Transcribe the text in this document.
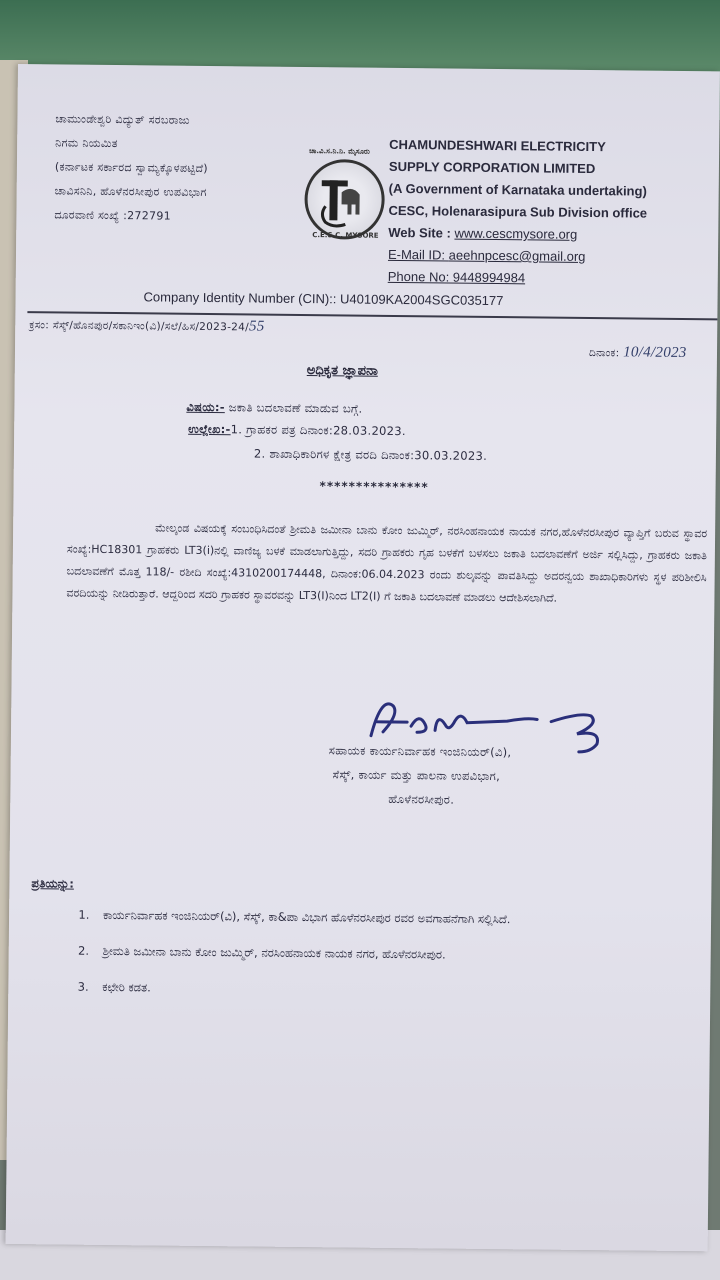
ಚಾಮುಂಡೇಶ್ವರಿ ವಿದ್ಯುತ್ ಸರಬರಾಜು
ನಿಗಮ ನಿಯಮಿತ
(ಕರ್ನಾಟಕ ಸರ್ಕಾರದ ಸ್ವಾಮ್ಯಕ್ಕೊಳಪಟ್ಟಿದೆ)
ಚಾವಿಸನಿನಿ, ಹೊಳೆನರಸೀಪುರ ಉಪವಿಭಾಗ
ದೂರವಾಣಿ ಸಂಖ್ಯೆ :272791
ಚಾ.ವಿ.ಸ.ನಿ.ನಿ. ಮೈಸೂರು
C.E.S.C. MYSORE
CHAMUNDESHWARI ELECTRICITY
SUPPLY CORPORATION LIMITED
(A Government of Karnataka undertaking)
CESC, Holenarasipura Sub Division office
Web Site : www.cescmysore.org
E-Mail ID: aeehnpcesc@gmail.org
Phone No: 9448994984
Company Identity Number (CIN):: U40109KA2004SGC035177
ಕ್ರಸಂ: ಸೆಸ್ಕ್/ಹೊನಪುರ/ಸಕಾನಿಇಂ(ವಿ)/ಸಲೆ/ಹಿಸ/2023-24/55
ದಿನಾಂಕ: 10/4/2023
ಅಧಿಕೃತ ಜ್ಞಾಪನಾ
ವಿಷಯ:- ಜಕಾತಿ ಬದಲಾವಣೆ ಮಾಡುವ ಬಗ್ಗೆ.
ಉಲ್ಲೇಖ:-1. ಗ್ರಾಹಕರ ಪತ್ರ ದಿನಾಂಕ:28.03.2023.
2. ಶಾಖಾಧಿಕಾರಿಗಳ ಕ್ಷೇತ್ರ ವರದಿ ದಿನಾಂಕ:30.03.2023.
***************
ಮೇಲ್ಕಂಡ ವಿಷಯಕ್ಕೆ ಸಂಬಂಧಿಸಿದಂತೆ ಶ್ರೀಮತಿ ಜಮೀನಾ ಬಾನು ಕೋಂ ಜುಮ್ಮಿರ್, ನರಸಿಂಹನಾಯಕ ನಾಯಕ ನಗರ,ಹೊಳೆನರಸೀಪುರ ವ್ಯಾಪ್ತಿಗೆ ಬರುವ ಸ್ಥಾವರ ಸಂಖ್ಯೆ:HC18301 ಗ್ರಾಹಕರು LT3(i)ನಲ್ಲಿ ವಾಣಿಜ್ಯ ಬಳಕೆ ಮಾಡಲಾಗುತ್ತಿದ್ದು, ಸದರಿ ಗ್ರಾಹಕರು ಗೃಹ ಬಳಕೆಗೆ ಬಳಸಲು ಜಕಾತಿ ಬದಲಾವಣೆಗೆ ಅರ್ಜಿ ಸಲ್ಲಿಸಿದ್ದು, ಗ್ರಾಹಕರು ಜಕಾತಿ ಬದಲಾವಣೆಗೆ ಮೊತ್ತ 118/- ರಶೀದಿ ಸಂಖ್ಯೆ:4310200174448, ದಿನಾಂಕ:06.04.2023 ರಂದು ಶುಲ್ಕವನ್ನು ಪಾವತಿಸಿದ್ದು ಅದರನ್ವಯ ಶಾಖಾಧಿಕಾರಿಗಳು ಸ್ಥಳ ಪರಿಶೀಲಿಸಿ ವರದಿಯನ್ನು ನೀಡಿರುತ್ತಾರೆ. ಆದ್ದರಿಂದ ಸದರಿ ಗ್ರಾಹಕರ ಸ್ಥಾವರವನ್ನು LT3(I)ನಿಂದ LT2(I) ಗೆ ಜಕಾತಿ ಬದಲಾವಣೆ ಮಾಡಲು ಆದೇಶಿಸಲಾಗಿದೆ.
ಸಹಾಯಕ ಕಾರ್ಯನಿರ್ವಾಹಕ ಇಂಜಿನಿಯರ್(ವಿ),
ಸೆಸ್ಕ್, ಕಾರ್ಯ ಮತ್ತು ಪಾಲನಾ ಉಪವಿಭಾಗ,
ಹೊಳೆನರಸೀಪುರ.
ಪ್ರತಿಯನ್ನು:
1. ಕಾರ್ಯನಿರ್ವಾಹಕ ಇಂಜಿನಿಯರ್(ವಿ), ಸೆಸ್ಕ್, ಕಾ&ಪಾ ವಿಭಾಗ ಹೊಳೆನರಸೀಪುರ ರವರ ಅವಗಾಹನೆಗಾಗಿ ಸಲ್ಲಿಸಿದೆ.
2. ಶ್ರೀಮತಿ ಜಮೀನಾ ಬಾನು ಕೋಂ ಜುಮ್ಮಿರ್, ನರಸಿಂಹನಾಯಕ ನಾಯಕ ನಗರ, ಹೊಳೆನರಸೀಪುರ.
3. ಕಛೇರಿ ಕಡತ.
